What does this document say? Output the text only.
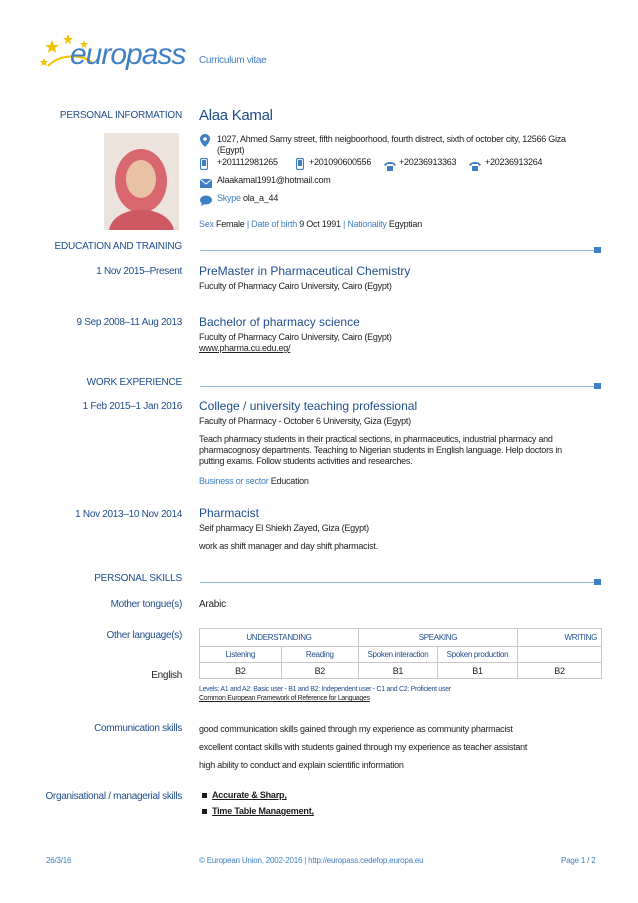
europass Curriculum vitae
PERSONAL INFORMATION Alaa Kamal
1027, Ahmed Samy street, fifth neigboorhood, fourth distrect, sixth of october city, 12566 Giza
(Egypt)
+201112981265	+201090600556	+20236913363	+20236913264
Alaakamal1991@hotmail.com
Skype ola_a_44
Sex Female | Date of birth 9 Oct 1991 | Nationality Egyptian
EDUCATION AND TRAINING
1 Nov 2015–Present PreMaster in Pharmaceutical Chemistry
Fuculty of Pharmacy Cairo University, Cairo (Egypt)
9 Sep 2008–11 Aug 2013 Bachelor of pharmacy science
Fuculty of Pharmacy Cairo University, Cairo (Egypt)
www.pharma.cu.edu.eg/
WORK EXPERIENCE
1 Feb 2015–1 Jan 2016 College / university teaching professional
Faculty of Pharmacy - October 6 University, Giza (Egypt)
Teach pharmacy students in their practical sections, in pharmaceutics, industrial pharmacy and
pharmacognosy departments. Teaching to Nigerian students in English language. Help doctors in
putting exams. Follow students activities and researches.
Business or sector Education
1 Nov 2013–10 Nov 2014 Pharmacist
Seif pharmacy El Shiekh Zayed, Giza (Egypt)
work as shift manager and day shift pharmacist.
PERSONAL SKILLS
Mother tongue(s) Arabic
Other language(s)	UNDERSTANDING		SPEAKING		WRITING
Listening	Reading	Spoken interaction	Spoken production	
B2	B2	B1	B1	B2
English
Levels: A1 and A2: Basic user - B1 and B2: Independent user - C1 and C2: Proficient user
Common European Framework of Reference for Languages
Communication skills good communication skills gained through my experience as community pharmacist
excellent contact skills with students gained through my experience as teacher assistant
high ability to conduct and explain scientific information
Organisational / managerial skills	Accurate & Sharp,
Time Table Management,
26/3/16	© European Union, 2002-2016 | http://europass.cedefop.europa.eu	Page 1 / 2
